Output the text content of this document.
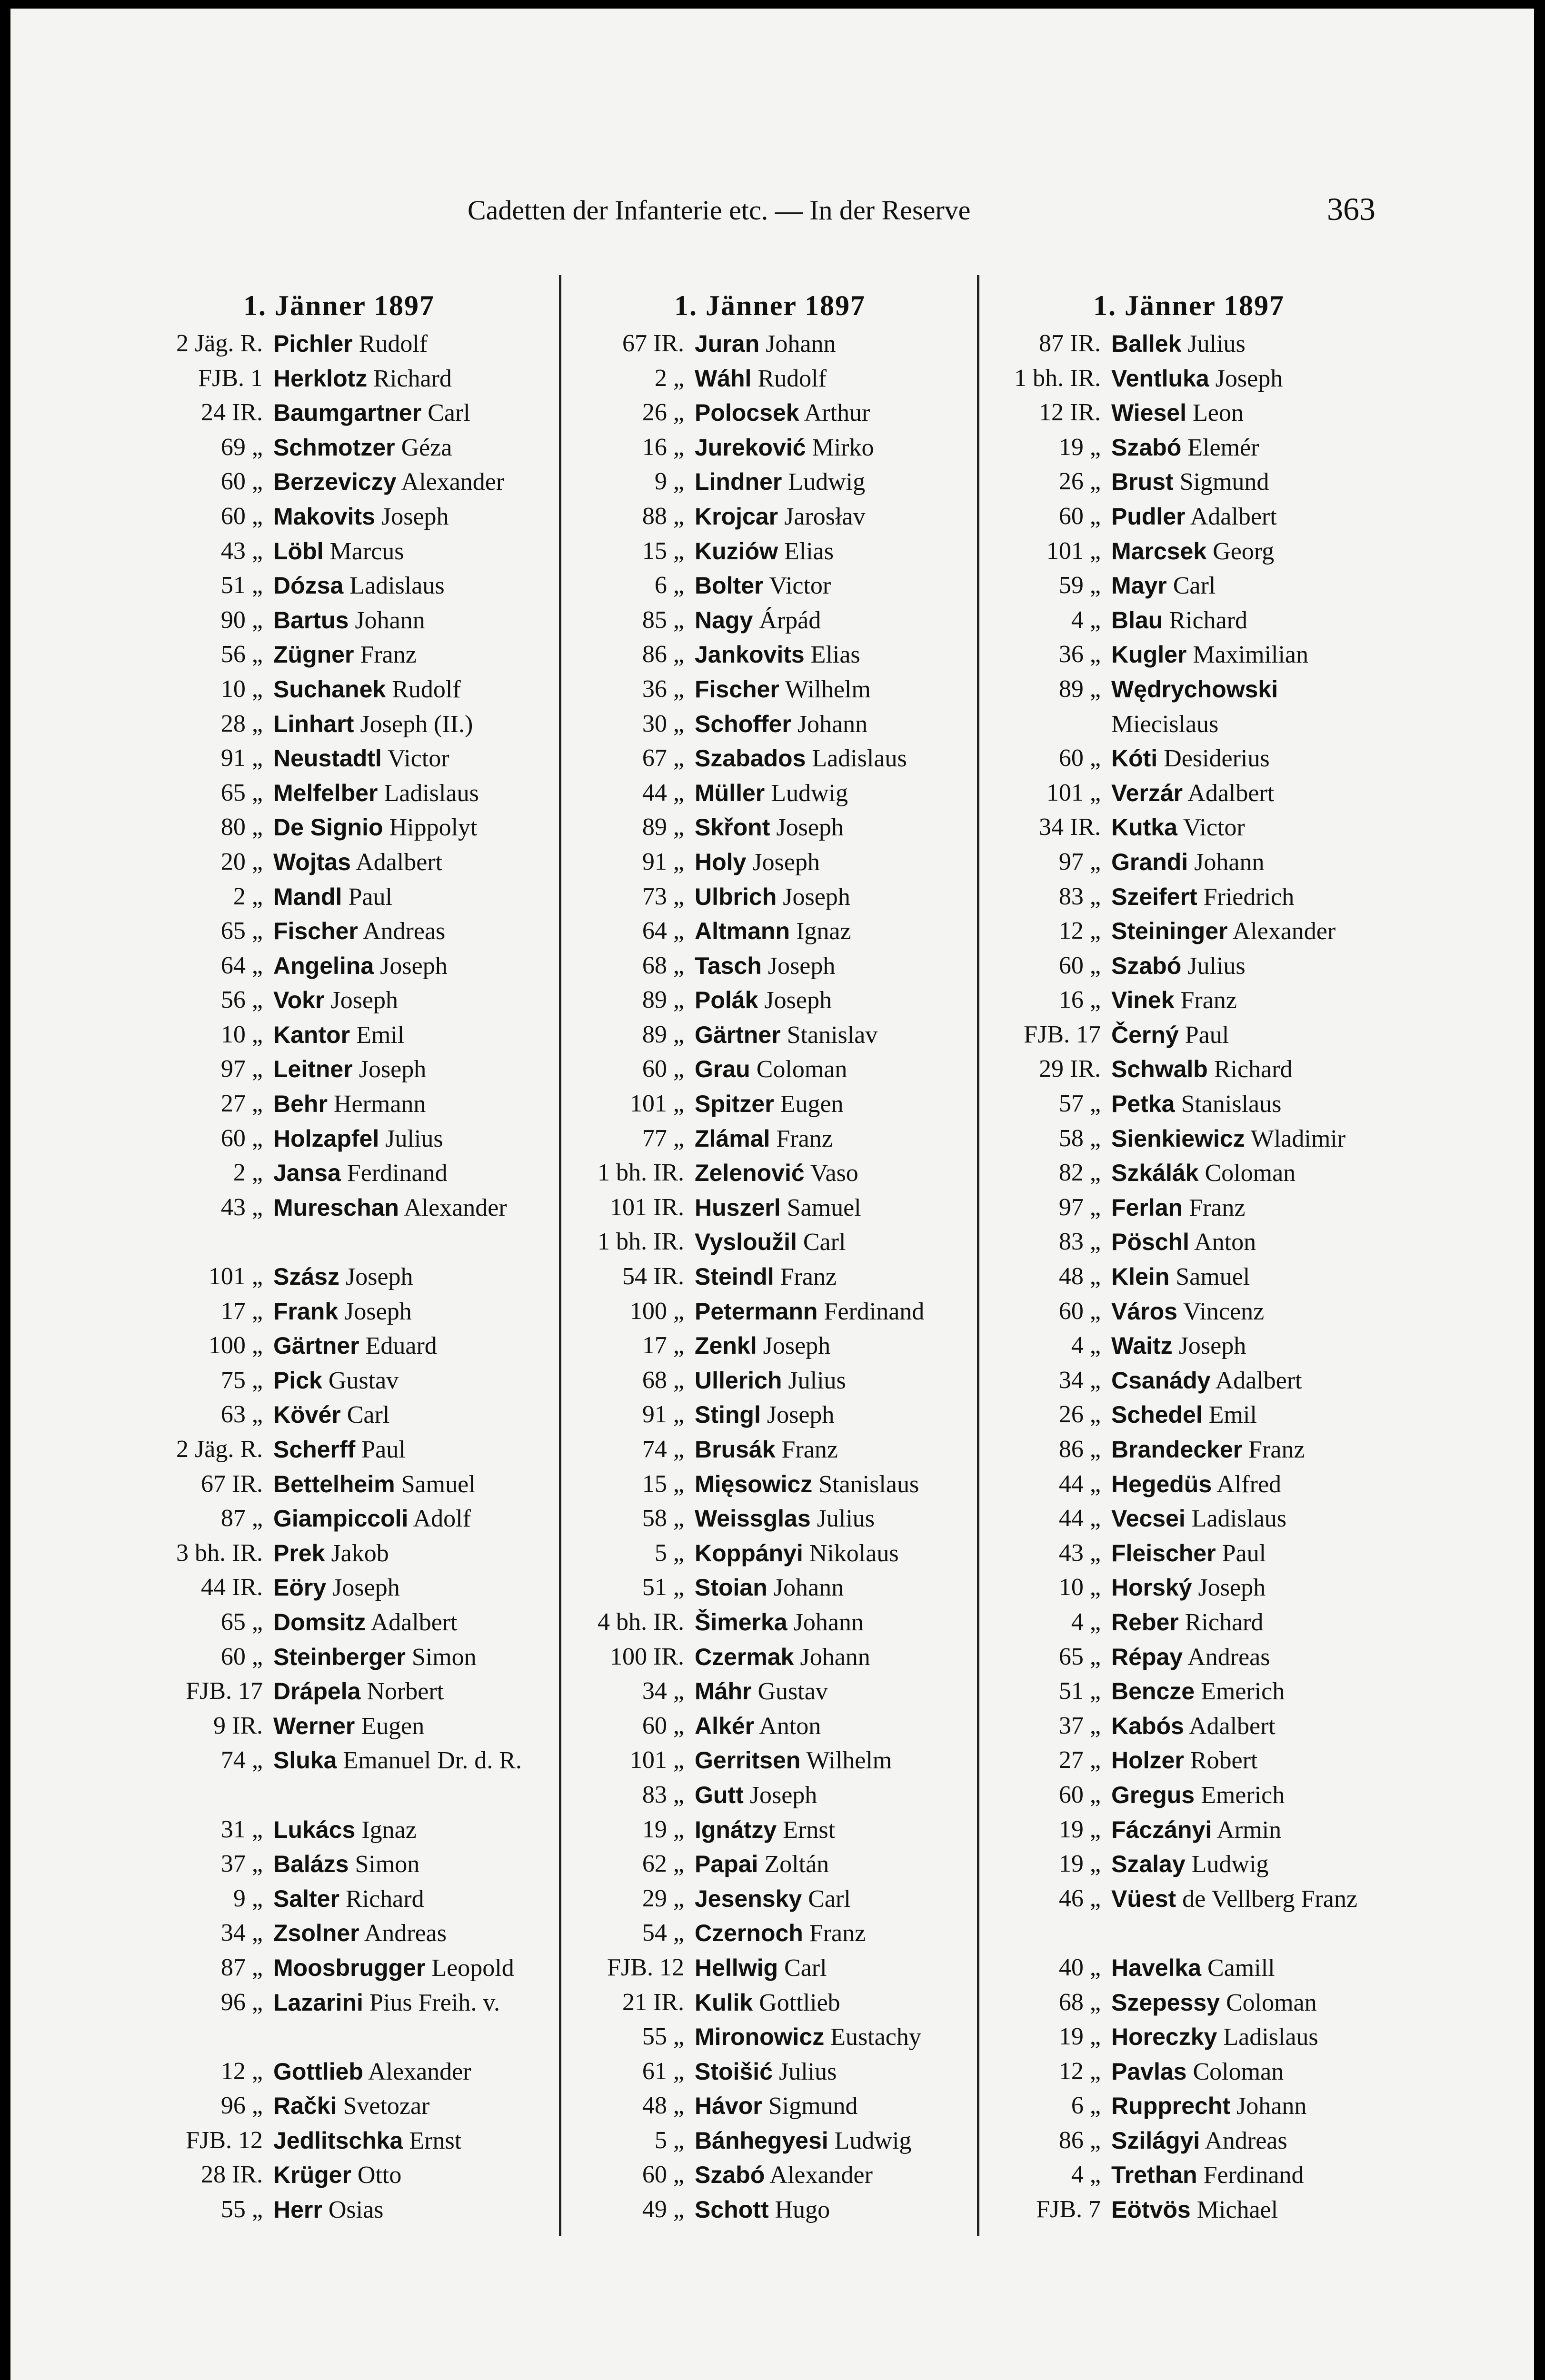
Cadetten der Infanterie etc. — In der Reserve	363
1. Jänner 1897
2 Jäg. R. Pichler Rudolf
FJB. 1 Herklotz Richard
24 IR. Baumgartner Carl
69 „ Schmotzer Géza
60 „ Berzeviczy Alexander
60 „ Makovits Joseph
43 „ Löbl Marcus
51 „ Dózsa Ladislaus
90 „ Bartus Johann
56 „ Zügner Franz
10 „ Suchanek Rudolf
28 „ Linhart Joseph (II.)
91 „ Neustadtl Victor
65 „ Melfelber Ladislaus
80 „ De Signio Hippolyt
20 „ Wojtas Adalbert
2 „ Mandl Paul
65 „ Fischer Andreas
64 „ Angelina Joseph
56 „ Vokr Joseph
10 „ Kantor Emil
97 „ Leitner Joseph
27 „ Behr Hermann
60 „ Holzapfel Julius
2 „ Jansa Ferdinand
43 „ Mureschan Alexander
101 „ Szász Joseph
17 „ Frank Joseph
100 „ Gärtner Eduard
75 „ Pick Gustav
63 „ Kövér Carl
2 Jäg. R. Scherff Paul
67 IR. Bettelheim Samuel
87 „ Giampiccoli Adolf
3 bh. IR. Prek Jakob
44 IR. Eöry Joseph
65 „ Domsitz Adalbert
60 „ Steinberger Simon
FJB. 17 Drápela Norbert
9 IR. Werner Eugen
74 „ Sluka Emanuel Dr. d. R.
31 „ Lukács Ignaz
37 „ Balázs Simon
9 „ Salter Richard
34 „ Zsolner Andreas
87 „ Moosbrugger Leopold
96 „ Lazarini Pius Freih. v.
12 „ Gottlieb Alexander
96 „ Rački Svetozar
FJB. 12 Jedlitschka Ernst
28 IR. Krüger Otto
55 „ Herr Osias
1. Jänner 1897
67 IR. Juran Johann
2 „ Wáhl Rudolf
26 „ Polocsek Arthur
16 „ Jureković Mirko
9 „ Lindner Ludwig
88 „ Krojcar Jarosłav
15 „ Kuziów Elias
6 „ Bolter Victor
85 „ Nagy Árpád
86 „ Jankovits Elias
36 „ Fischer Wilhelm
30 „ Schoffer Johann
67 „ Szabados Ladislaus
44 „ Müller Ludwig
89 „ Skřont Joseph
91 „ Holy Joseph
73 „ Ulbrich Joseph
64 „ Altmann Ignaz
68 „ Tasch Joseph
89 „ Polák Joseph
89 „ Gärtner Stanislav
60 „ Grau Coloman
101 „ Spitzer Eugen
77 „ Zlámal Franz
1 bh. IR. Zelenović Vaso
101 IR. Huszerl Samuel
1 bh. IR. Vysloužil Carl
54 IR. Steindl Franz
100 „ Petermann Ferdinand
17 „ Zenkl Joseph
68 „ Ullerich Julius
91 „ Stingl Joseph
74 „ Brusák Franz
15 „ Mięsowicz Stanislaus
58 „ Weissglas Julius
5 „ Koppányi Nikolaus
51 „ Stoian Johann
4 bh. IR. Šimerka Johann
100 IR. Czermak Johann
34 „ Máhr Gustav
60 „ Alkér Anton
101 „ Gerritsen Wilhelm
83 „ Gutt Joseph
19 „ Ignátzy Ernst
62 „ Papai Zoltán
29 „ Jesensky Carl
54 „ Czernoch Franz
FJB. 12 Hellwig Carl
21 IR. Kulik Gottlieb
55 „ Mironowicz Eustachy
61 „ Stoišić Julius
48 „ Hávor Sigmund
5 „ Bánhegyesi Ludwig
60 „ Szabó Alexander
49 „ Schott Hugo
1. Jänner 1897
87 IR. Ballek Julius
1 bh. IR. Ventluka Joseph
12 IR. Wiesel Leon
19 „ Szabó Elemér
26 „ Brust Sigmund
60 „ Pudler Adalbert
101 „ Marcsek Georg
59 „ Mayr Carl
4 „ Blau Richard
36 „ Kugler Maximilian
89 „ Wędrychowski Miecislaus
60 „ Kóti Desiderius
101 „ Verzár Adalbert
34 IR. Kutka Victor
97 „ Grandi Johann
83 „ Szeifert Friedrich
12 „ Steininger Alexander
60 „ Szabó Julius
16 „ Vinek Franz
FJB. 17 Černý Paul
29 IR. Schwalb Richard
57 „ Petka Stanislaus
58 „ Sienkiewicz Wladimir
82 „ Szkálák Coloman
97 „ Ferlan Franz
83 „ Pöschl Anton
48 „ Klein Samuel
60 „ Város Vincenz
4 „ Waitz Joseph
34 „ Csanády Adalbert
26 „ Schedel Emil
86 „ Brandecker Franz
44 „ Hegedüs Alfred
44 „ Vecsei Ladislaus
43 „ Fleischer Paul
10 „ Horský Joseph
4 „ Reber Richard
65 „ Répay Andreas
51 „ Bencze Emerich
37 „ Kabós Adalbert
27 „ Holzer Robert
60 „ Gregus Emerich
19 „ Fáczányi Armin
19 „ Szalay Ludwig
46 „ Vüest de Vellberg Franz
40 „ Havelka Camill
68 „ Szepessy Coloman
19 „ Horeczky Ladislaus
12 „ Pavlas Coloman
6 „ Rupprecht Johann
86 „ Szilágyi Andreas
4 „ Trethan Ferdinand
FJB. 7 Eötvös Michael
